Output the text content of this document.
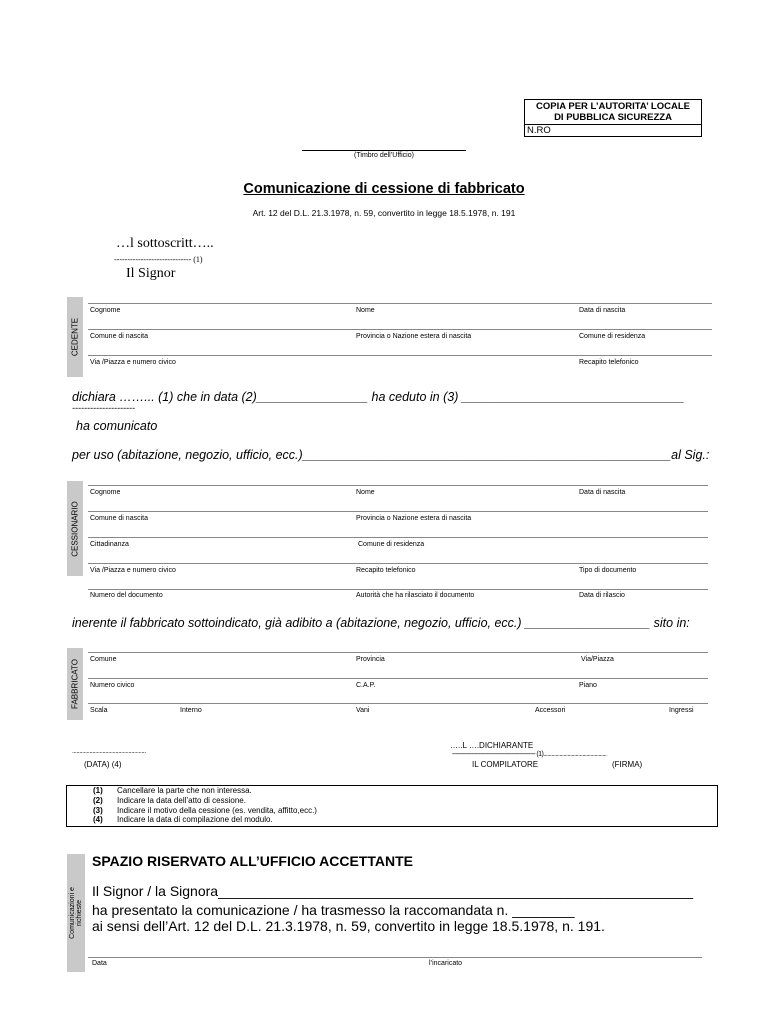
COPIA PER L’AUTORITA’ LOCALE
DI PUBBLICA SICUREZZA
N.RO
(Timbro dell’Ufficio)
Comunicazione di cessione di fabbricato
Art. 12 del D.L. 21.3.1978, n. 59, convertito in legge 18.5.1978, n. 191
…l sottoscritt…..
----------------------------- (1)
Il Signor
CEDENTE
Cognome	Nome	Data di nascita
Comune di nascita	Provincia o Nazione estera di nascita	Comune di residenza
Via /Piazza e numero civico	Recapito telefonico
dichiara ……... (1) che in data (2)________________ ha ceduto in (3) ________________________________
---------------------
ha comunicato
per uso (abitazione, negozio, ufficio, ecc.)_____________________________________________________al Sig.:
CESSIONARIO
Cognome	Nome	Data di nascita
Comune di nascita	Provincia o Nazione estera di nascita
Cittadinanza	Comune di residenza
Via /Piazza e numero civico	Recapito telefonico	Tipo di documento
Numero del documento	Autorità che ha rilasciato il documento	Data di rilascio
inerente il fabbricato sottoindicato, già adibito a (abitazione, negozio, ufficio, ecc.) __________________ sito in:
FABBRICATO Comune	Provincia	Via/Piazza
Numero civico	C.A.P.	Piano
Scala	Interno	Vani	Accessori	Ingressi
...................................................
(DATA) (4)
…..L ….DICHIARANTE
------------------------------------------------ (1)...............................................
IL COMPILATORE	(FIRMA)
(1) Cancellare la parte che non interessa.
(2) Indicare la data dell’atto di cessione.
(3) Indicare il motivo della cessione (es. vendita, affitto,ecc.)
(4) Indicare la data di compilazione del modulo.
Comunicazioni e richieste
SPAZIO RISERVATO ALL’UFFICIO ACCETTANTE
Il Signor / la Signora_____________________________________________________________
ha presentato la comunicazione / ha trasmesso la raccomandata n. ________
ai sensi dell’Art. 12 del D.L. 21.3.1978, n. 59, convertito in legge 18.5.1978, n. 191.
Data	l’incaricato
